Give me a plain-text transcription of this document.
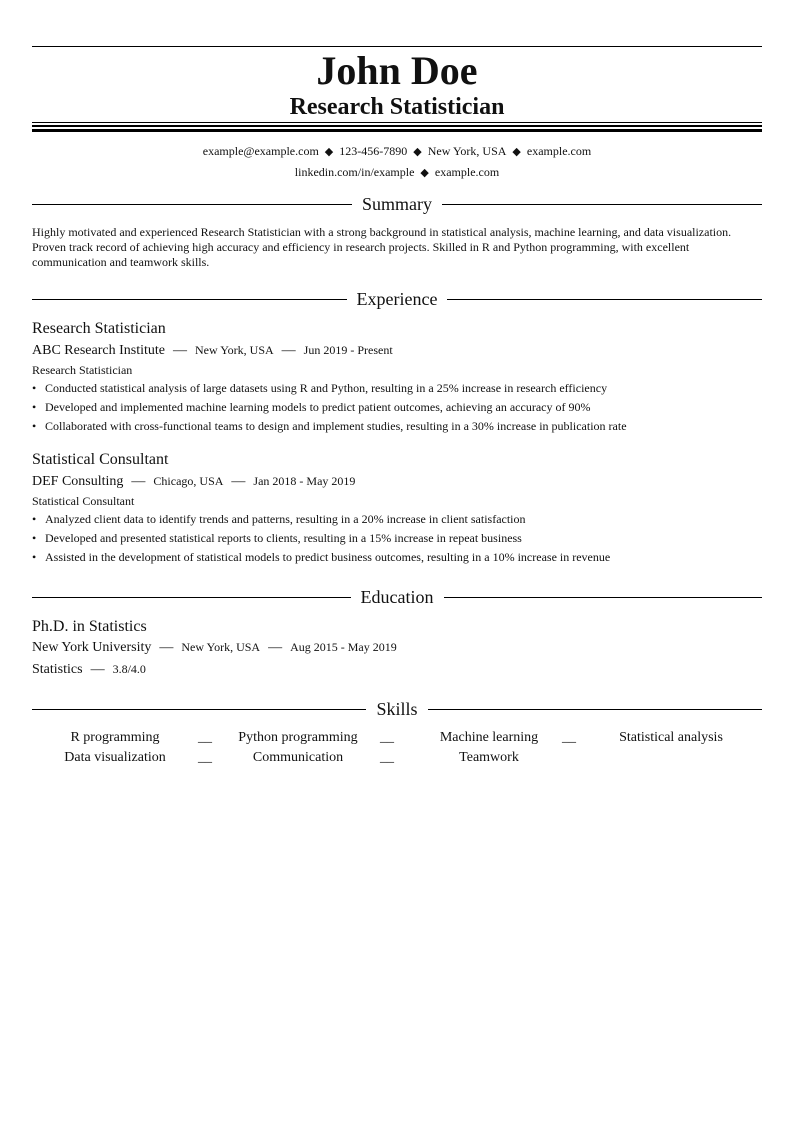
John Doe
Research Statistician
example@example.com ◆ 123-456-7890 ◆ New York, USA ◆ example.com
linkedin.com/in/example ◆ example.com
Summary
Highly motivated and experienced Research Statistician with a strong background in statistical analysis, machine learning, and data visualization. Proven track record of achieving high accuracy and efficiency in research projects. Skilled in R and Python programming, with excellent communication and teamwork skills.
Experience
Research Statistician
ABC Research Institute — New York, USA — Jun 2019 - Present
Research Statistician
• Conducted statistical analysis of large datasets using R and Python, resulting in a 25% increase in research efficiency
• Developed and implemented machine learning models to predict patient outcomes, achieving an accuracy of 90%
• Collaborated with cross-functional teams to design and implement studies, resulting in a 30% increase in publication rate
Statistical Consultant
DEF Consulting — Chicago, USA — Jan 2018 - May 2019
Statistical Consultant
• Analyzed client data to identify trends and patterns, resulting in a 20% increase in client satisfaction
• Developed and presented statistical reports to clients, resulting in a 15% increase in repeat business
• Assisted in the development of statistical models to predict business outcomes, resulting in a 10% increase in revenue
Education
Ph.D. in Statistics
New York University — New York, USA — Aug 2015 - May 2019
Statistics — 3.8/4.0
Skills
R programming	Python programming	Machine learning	Statistical analysis
Data visualization	Communication	Teamwork
__	__	__
__	__
